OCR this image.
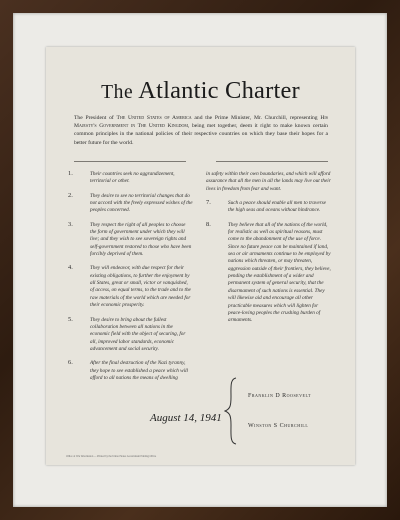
The Atlantic Charter
The President of The United States of America and the Prime Minister, Mr. Churchill, representing His Majesty's Government in The United Kingdom, being met together, deem it right to make known certain common principles in the national policies of their respective countries on which they base their hopes for a better future for the world.
1.	Their countries seek no aggrandizement, territorial or other.
2.	They desire to see no territorial changes that do not accord with the freely expressed wishes of the peoples concerned.
3.	They respect the right of all peoples to choose the form of government under which they will live; and they wish to see sovereign rights and self-government restored to those who have been forcibly deprived of them.
4.	They will endeavor, with due respect for their existing obligations, to further the enjoyment by all States, great or small, victor or vanquished, of access, on equal terms, to the trade and to the raw materials of the world which are needed for their economic prosperity.
5.	They desire to bring about the fullest collaboration between all nations in the economic field with the object of securing, for all, improved labor standards, economic advancement and social security.
6.	After the final destruction of the Nazi tyranny, they hope to see established a peace which will afford to all nations the means of dwelling
in safety within their own boundaries, and which will afford assurance that all the men in all the lands may live out their lives in freedom from fear and want.
7.	Such a peace should enable all men to traverse the high seas and oceans without hindrance.
8.	They believe that all of the nations of the world, for realistic as well as spiritual reasons, must come to the abandonment of the use of force. Since no future peace can be maintained if land, sea or air armaments continue to be employed by nations which threaten, or may threaten, aggression outside of their frontiers, they believe, pending the establishment of a wider and permanent system of general security, that the disarmament of such nations is essential. They will likewise aid and encourage all other practicable measures which will lighten for peace-loving peoples the crushing burden of armaments.
Franklin D Roosevelt
Winston S Churchill
August 14, 1941
Office of War Information — Printed by the United States Government Printing Office
